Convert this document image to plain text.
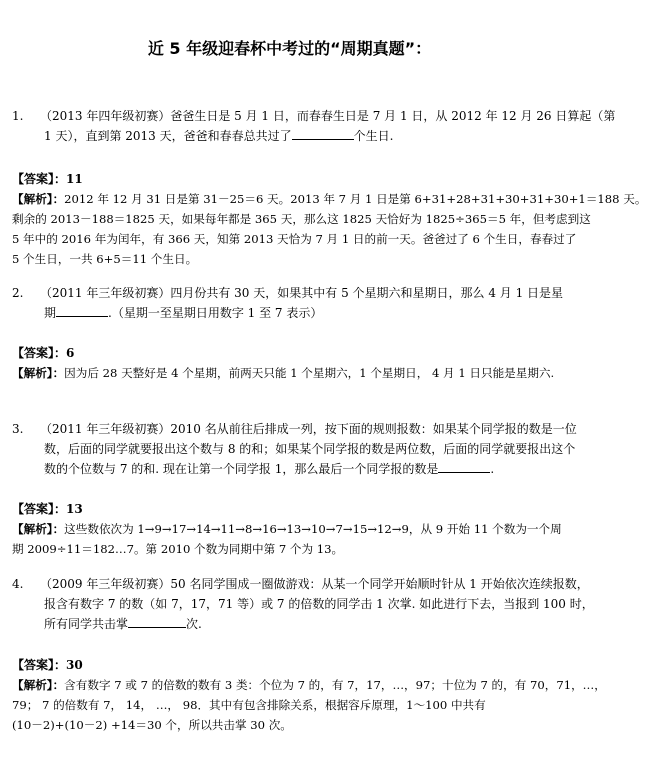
近 5 年级迎春杯中考过的“周期真题”：
1. （2013 年四年级初赛）爸爸生日是 5 月 1 日，而春春生日是 7 月 1 日，从 2012 年 12 月 26 日算起（第
1 天），直到第 2013 天，爸爸和春春总共过了	个生日.
【答案】：11
【解析】：2012 年 12 月 31 日是第 31－25＝6 天。2013 年 7 月 1 日是第 6+31+28+31+30+31+30+1＝188 天。
剩余的 2013－188＝1825 天，如果每年都是 365 天，那么这 1825 天恰好为 1825÷365＝5 年，但考虑到这
5 年中的 2016 年为闰年，有 366 天，知第 2013 天恰为 7 月 1 日的前一天。爸爸过了 6 个生日，春春过了
5 个生日，一共 6+5＝11 个生日。
2. （2011 年三年级初赛）四月份共有 30 天，如果其中有 5 个星期六和星期日，那么 4 月 1 日是星
期	.（星期一至星期日用数字 1 至 7 表示）
【答案】：6
【解析】：因为后 28 天整好是 4 个星期，前两天只能 1 个星期六，1 个星期日， 4 月 1 日只能是星期六.
3. （2011 年三年级初赛）2010 名从前往后排成一列，按下面的规则报数：如果某个同学报的数是一位
数，后面的同学就要报出这个数与 8 的和；如果某个同学报的数是两位数，后面的同学就要报出这个
数的个位数与 7 的和. 现在让第一个同学报 1，那么最后一个同学报的数是	.
【答案】：13
【解析】：这些数依次为 1→9→17→14→11→8→16→13→10→7→15→12→9，从 9 开始 11 个数为一个周
期 2009÷11＝182…7。第 2010 个数为同期中第 7 个为 13。
4. （2009 年三年级初赛）50 名同学围成一圈做游戏：从某一个同学开始顺时针从 1 开始依次连续报数，
报含有数字 7 的数（如 7，17，71 等）或 7 的倍数的同学击 1 次掌. 如此进行下去，当报到 100 时，
所有同学共击掌	次.
【答案】：30
【解析】：含有数字 7 或 7 的倍数的数有 3 类：个位为 7 的，有 7，17，…，97；十位为 7 的，有 70，71，…，
79； 7 的倍数有 7， 14， …， 98．其中有包含排除关系，根据容斥原理，1～100 中共有
(10－2)+(10－2) +14＝30 个，所以共击掌 30 次。
